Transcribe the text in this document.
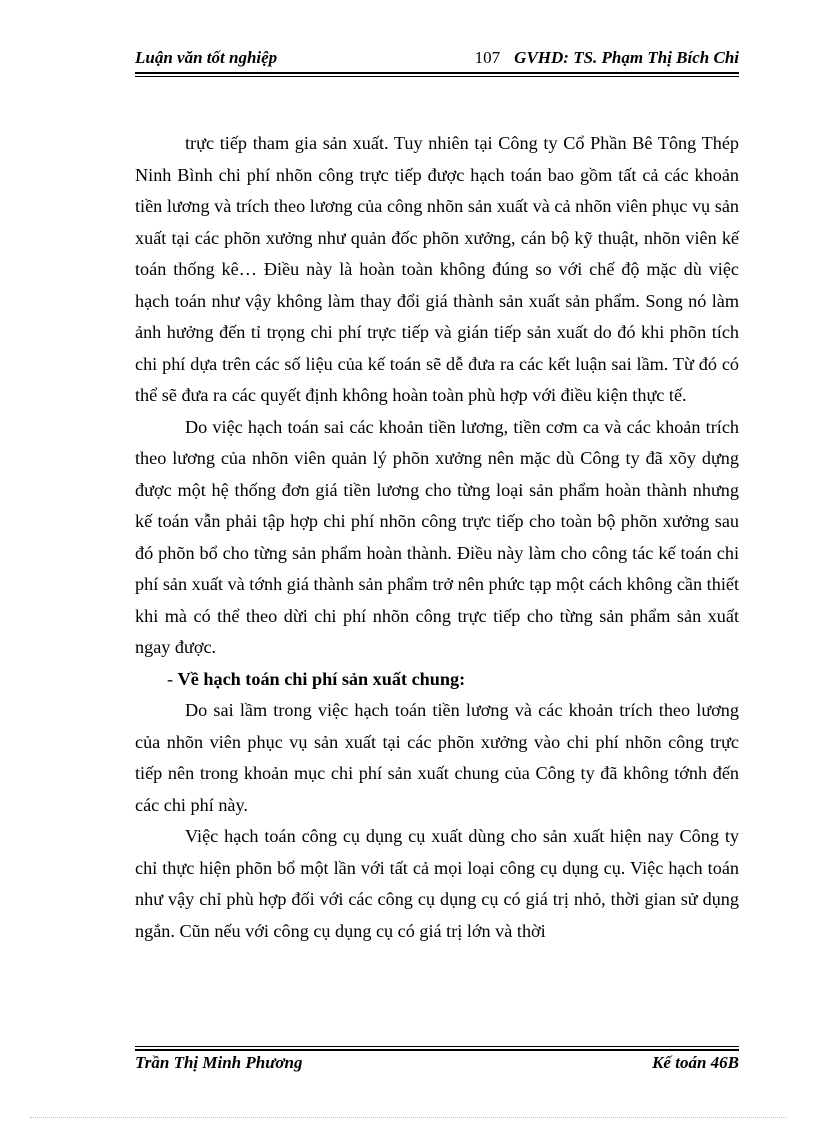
Luận văn tốt nghiệp	107 GVHD: TS. Phạm Thị Bích Chi

trực tiếp tham gia sản xuất. Tuy nhiên tại Công ty Cổ Phần Bê Tông Thép Ninh Bình chi phí nhõn công trực tiếp được hạch toán bao gồm tất cả các khoản tiền lương và trích theo lương của công nhõn sản xuất và cả nhõn viên phục vụ sản xuất tại các phõn xưởng như quản đốc phõn xưởng, cán bộ kỹ thuật, nhõn viên kế toán thống kê… Điều này là hoàn toàn không đúng so với chế độ mặc dù việc hạch toán như vậy không làm thay đổi giá thành sản xuất sản phẩm. Song nó làm ảnh hưởng đến tỉ trọng chi phí trực tiếp và gián tiếp sản xuất do đó khi phõn tích chi phí dựa trên các số liệu của kế toán sẽ dễ đưa ra các kết luận sai lầm. Từ đó có thể sẽ đưa ra các quyết định không hoàn toàn phù hợp với điều kiện thực tế.

Do việc hạch toán sai các khoản tiền lương, tiền cơm ca và các khoản trích theo lương của nhõn viên quản lý phõn xưởng nên mặc dù Công ty đã xõy dựng được một hệ thống đơn giá tiền lương cho từng loại sản phẩm hoàn thành nhưng kế toán vẫn phải tập hợp chi phí nhõn công trực tiếp cho toàn bộ phõn xưởng sau đó phõn bổ cho từng sản phẩm hoàn thành. Điều này làm cho công tác kế toán chi phí sản xuất và tớnh giá thành sản phẩm trở nên phức tạp một cách không cần thiết khi mà có thể theo dừi chi phí nhõn công trực tiếp cho từng sản phẩm sản xuất ngay được.

- Về hạch toán chi phí sản xuất chung:

Do sai lầm trong việc hạch toán tiền lương và các khoản trích theo lương của nhõn viên phục vụ sản xuất tại các phõn xưởng vào chi phí nhõn công trực tiếp nên trong khoản mục chi phí sản xuất chung của Công ty đã không tớnh đến các chi phí này.

Việc hạch toán công cụ dụng cụ xuất dùng cho sản xuất hiện nay Công ty chỉ thực hiện phõn bổ một lần với tất cả mọi loại công cụ dụng cụ. Việc hạch toán như vậy chỉ phù hợp đối với các công cụ dụng cụ có giá trị nhỏ, thời gian sử dụng ngắn. Cũn nếu với công cụ dụng cụ có giá trị lớn và thời

Trần Thị Minh Phương	Kế toán 46B
